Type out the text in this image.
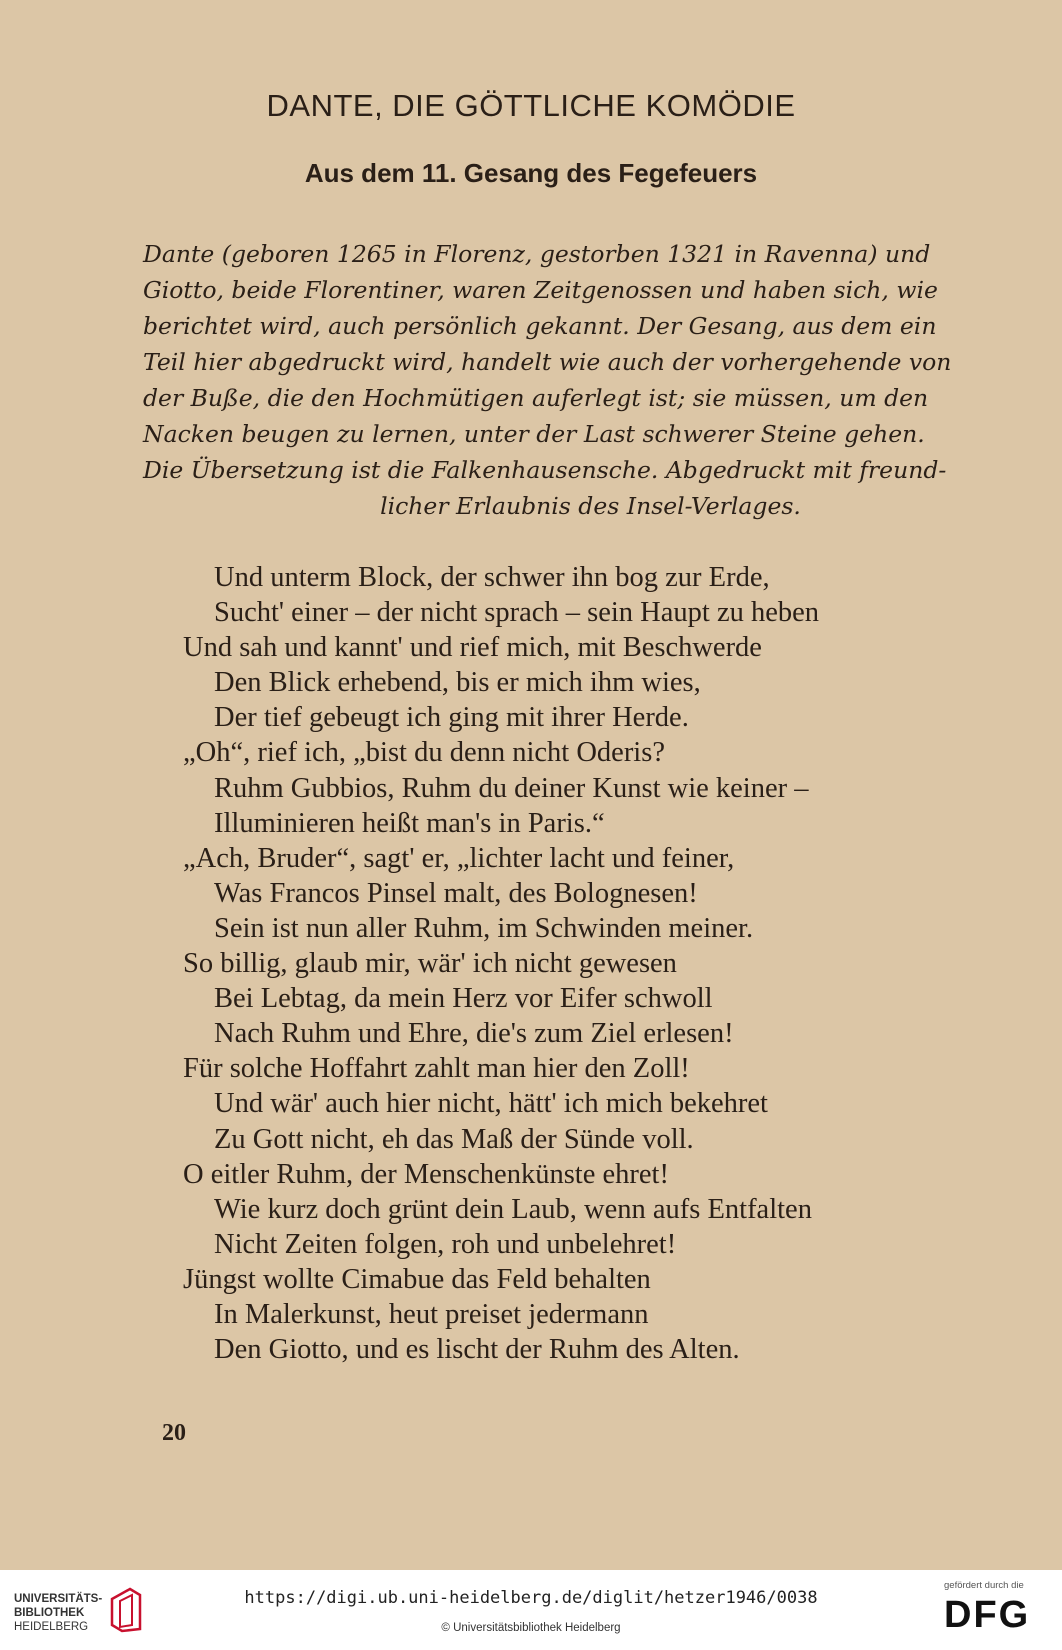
DANTE, DIE GÖTTLICHE KOMÖDIE
Aus dem 11. Gesang des Fegefeuers
Dante (geboren 1265 in Florenz, gestorben 1321 in Ravenna) und
Giotto, beide Florentiner, waren Zeitgenossen und haben sich, wie
berichtet wird, auch persönlich gekannt. Der Gesang, aus dem ein
Teil hier abgedruckt wird, handelt wie auch der vorhergehende von
der Buße, die den Hochmütigen auferlegt ist; sie müssen, um den
Nacken beugen zu lernen, unter der Last schwerer Steine gehen.
Die Übersetzung ist die Falkenhausensche. Abgedruckt mit freund-
licher Erlaubnis des Insel-Verlages.
Und unterm Block, der schwer ihn bog zur Erde,
Sucht' einer – der nicht sprach – sein Haupt zu heben
Und sah und kannt' und rief mich, mit Beschwerde
Den Blick erhebend, bis er mich ihm wies,
Der tief gebeugt ich ging mit ihrer Herde.
„Oh“, rief ich, „bist du denn nicht Oderis?
Ruhm Gubbios, Ruhm du deiner Kunst wie keiner –
Illuminieren heißt man's in Paris.“
„Ach, Bruder“, sagt' er, „lichter lacht und feiner,
Was Francos Pinsel malt, des Bolognesen!
Sein ist nun aller Ruhm, im Schwinden meiner.
So billig, glaub mir, wär' ich nicht gewesen
Bei Lebtag, da mein Herz vor Eifer schwoll
Nach Ruhm und Ehre, die's zum Ziel erlesen!
Für solche Hoffahrt zahlt man hier den Zoll!
Und wär' auch hier nicht, hätt' ich mich bekehret
Zu Gott nicht, eh das Maß der Sünde voll.
O eitler Ruhm, der Menschenkünste ehret!
Wie kurz doch grünt dein Laub, wenn aufs Entfalten
Nicht Zeiten folgen, roh und unbelehret!
Jüngst wollte Cimabue das Feld behalten
In Malerkunst, heut preiset jedermann
Den Giotto, und es lischt der Ruhm des Alten.
20
UNIVERSITÄTS-
BIBLIOTHEK
HEIDELBERG
https://digi.ub.uni-heidelberg.de/diglit/hetzer1946/0038
© Universitätsbibliothek Heidelberg
gefördert durch die
DFG
